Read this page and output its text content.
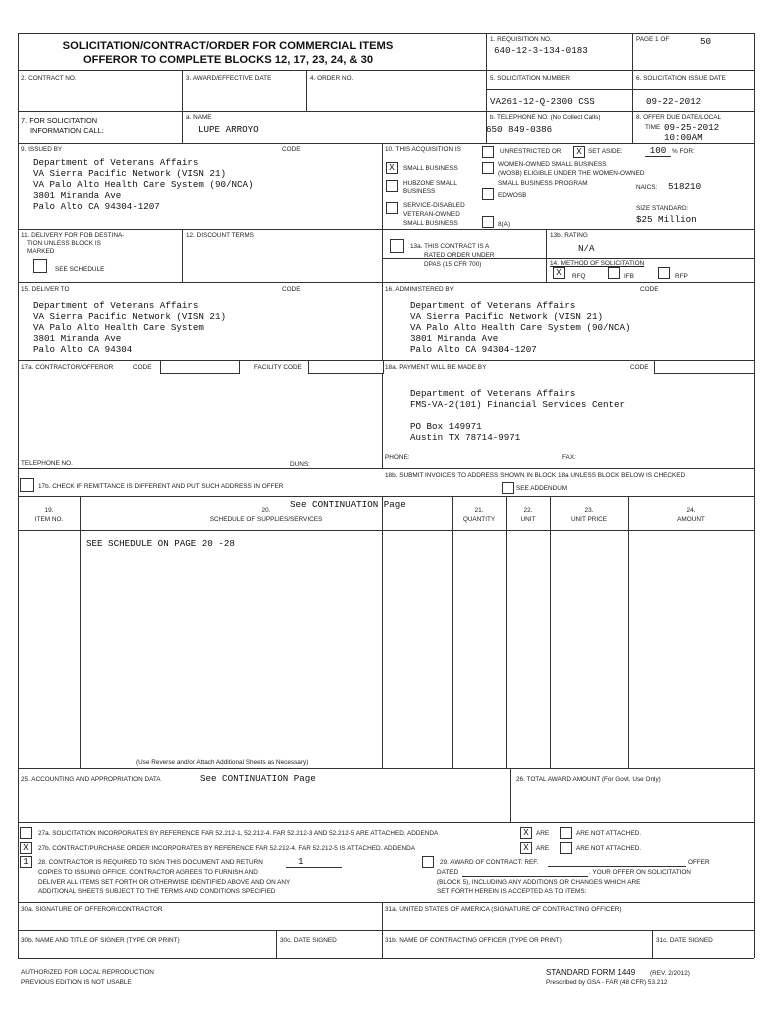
SOLICITATION/CONTRACT/ORDER FOR COMMERCIAL ITEMS
OFFEROR TO COMPLETE BLOCKS 12, 17, 23, 24, & 30
1. REQUISITION NO.
640-12-3-134-0183
PAGE 1 OF	50
2. CONTRACT NO.	3. AWARD/EFFECTIVE DATE	4. ORDER NO.	5. SOLICITATION NUMBER
VA261-12-Q-2300 CSS
6. SOLICITATION ISSUE DATE
09-22-2012
7. FOR SOLICITATION
INFORMATION CALL:
a. NAME
LUPE ARROYO
b. TELEPHONE NO. (No Collect Calls)
650 849-0386
8. OFFER DUE DATE/LOCAL
TIME 09-25-2012
10:00AM
9. ISSUED BY	CODE
Department of Veterans Affairs
VA Sierra Pacific Network (VISN 21)
VA Palo Alto Health Care System (90/NCA)
3801 Miranda Ave
Palo Alto CA 94304-1207
10. THIS ACQUISITION IS	UNRESTRICTED OR	X SET ASIDE:	100 % FOR:
X	SMALL BUSINESS
HUBZONE SMALL
BUSINESS
SERVICE-DISABLED
VETERAN-OWNED
SMALL BUSINESS	8(A)
WOMEN-OWNED SMALL BUSINESS
(WOSB) ELIGIBLE UNDER THE WOMEN-OWNED
SMALL BUSINESS PROGRAM
EDWOSB
NAICS: 518210
SIZE STANDARD:
$25 Million
11. DELIVERY FOR FOB DESTINA-
TION UNLESS BLOCK IS
MARKED
SEE SCHEDULE
12. DISCOUNT TERMS
13a. THIS CONTRACT IS A
RATED ORDER UNDER
DPAS (15 CFR 700)
13b. RATING
N/A
14. METHOD OF SOLICITATION
X	RFQ	IFB	RFP
15. DELIVER TO	CODE
Department of Veterans Affairs
VA Sierra Pacific Network (VISN 21)
VA Palo Alto Health Care System
3801 Miranda Ave
Palo Alto CA 94304
16. ADMINISTERED BY	CODE
Department of Veterans Affairs
VA Sierra Pacific Network (VISN 21)
VA Palo Alto Health Care System (90/NCA)
3801 Miranda Ave
Palo Alto CA 94304-1207
17a. CONTRACTOR/OFFEROR	CODE	FACILITY CODE
TELEPHONE NO.	DUNS:
17b. CHECK IF REMITTANCE IS DIFFERENT AND PUT SUCH ADDRESS IN OFFER
18a. PAYMENT WILL BE MADE BY	CODE
Department of Veterans Affairs
FMS-VA-2(101) Financial Services Center

PO Box 149971
Austin TX 78714-9971
PHONE:	FAX:
18b. SUBMIT INVOICES TO ADDRESS SHOWN IN BLOCK 18a UNLESS BLOCK BELOW IS CHECKED
SEE ADDENDUM
19.
ITEM NO.
See CONTINUATION Page
20.
SCHEDULE OF SUPPLIES/SERVICES
21.
QUANTITY
22.
UNIT
23.
UNIT PRICE
24.
AMOUNT
SEE SCHEDULE ON PAGE 20 -28
(Use Reverse and/or Attach Additional Sheets as Necessary)
25. ACCOUNTING AND APPROPRIATION DATA	See CONTINUATION Page	26. TOTAL AWARD AMOUNT (For Govt. Use Only)
27a. SOLICITATION INCORPORATES BY REFERENCE FAR 52.212-1, 52.212-4. FAR 52.212-3 AND 52.212-5 ARE ATTACHED. ADDENDA	X	ARE	ARE NOT ATTACHED.
X	27b. CONTRACT/PURCHASE ORDER INCORPORATES BY REFERENCE FAR 52.212-4. FAR 52.212-5 IS ATTACHED. ADDENDA	X	ARE	ARE NOT ATTACHED.
1	28. CONTRACTOR IS REQUIRED TO SIGN THIS DOCUMENT AND RETURN	1
COPIES TO ISSUING OFFICE. CONTRACTOR AGREES TO FURNISH AND
DELIVER ALL ITEMS SET FORTH OR OTHERWISE IDENTIFIED ABOVE AND ON ANY
ADDITIONAL SHEETS SUBJECT TO THE TERMS AND CONDITIONS SPECIFIED
29. AWARD OF CONTRACT: REF.	OFFER
DATED	. YOUR OFFER ON SOLICITATION
(BLOCK 5), INCLUDING ANY ADDITIONS OR CHANGES WHICH ARE
SET FORTH HEREIN IS ACCEPTED AS TO ITEMS:
30a. SIGNATURE OF OFFEROR/CONTRACTOR	31a. UNITED STATES OF AMERICA (SIGNATURE OF CONTRACTING OFFICER)
30b. NAME AND TITLE OF SIGNER (TYPE OR PRINT)	30c. DATE SIGNED	31b. NAME OF CONTRACTING OFFICER (TYPE OR PRINT)	31c. DATE SIGNED
AUTHORIZED FOR LOCAL REPRODUCTION
PREVIOUS EDITION IS NOT USABLE
STANDARD FORM 1449 (REV. 2/2012)
Prescribed by GSA - FAR (48 CFR) 53.212
